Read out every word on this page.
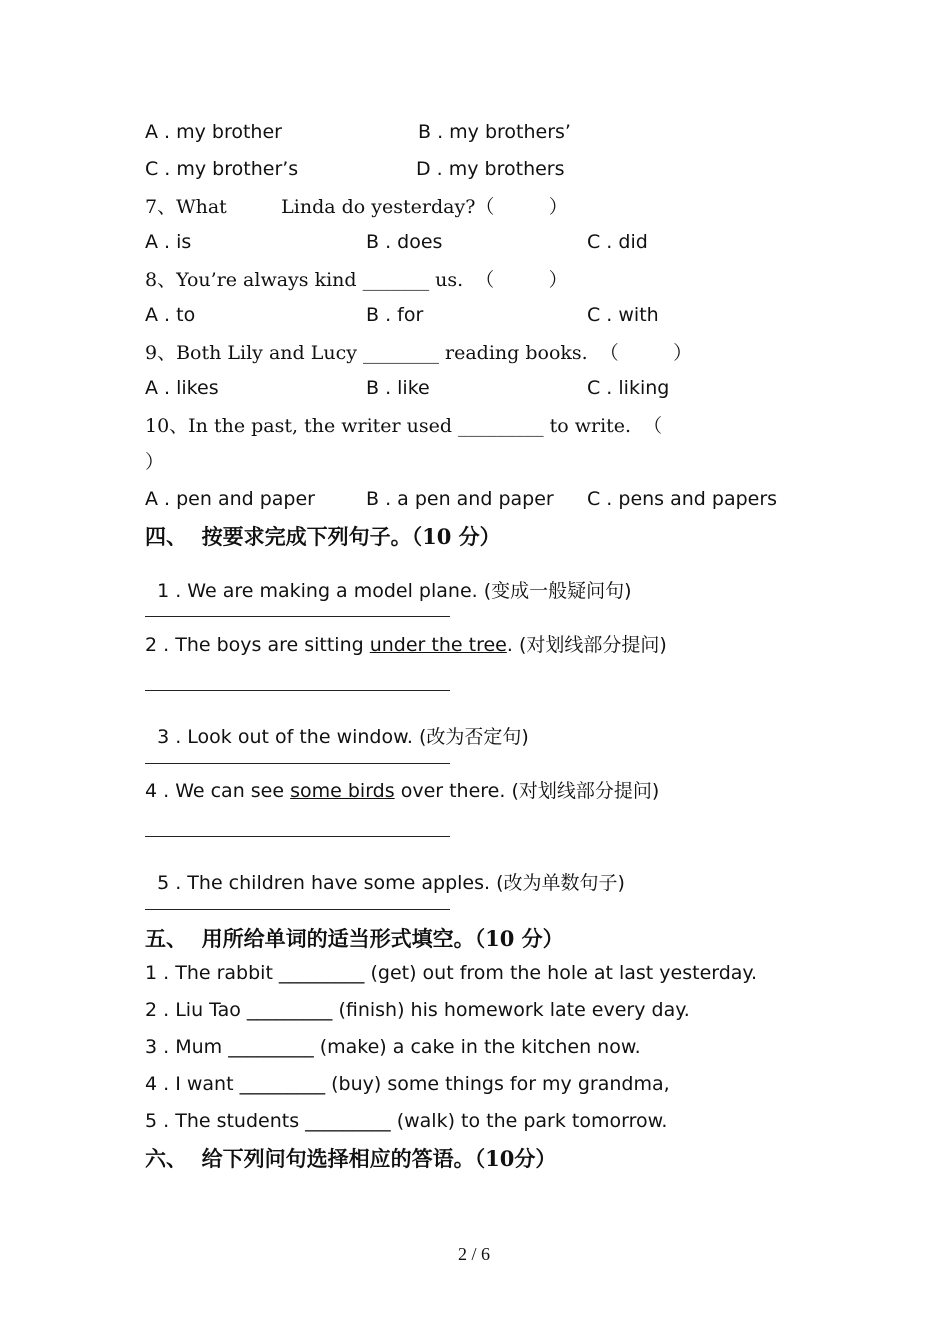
A . my brother	B . my brothers’
C . my brother’s	D . my brothers
7、What         Linda do yesterday?（         ）
A . is	B . does	C . did
8、You’re always kind _______ us.  （         ）
A . to	B . for	C . with
9、Both Lily and Lucy ________ reading books.  （         ）
A . likes	B . like	C . liking
10、In the past, the writer used _________ to write.  （
）
A . pen and paper	B . a pen and paper C . pens and papers
四、  按要求完成下列句子。（10 分）

1 . We are making a model plane. (变成一般疑问句)

2 . The boys are sitting under the tree. (对划线部分提问)

3 . Look out of the window. (改为否定句)

4 . We can see some birds over there. (对划线部分提问)

5 . The children have some apples. (改为单数句子)

五、  用所给单词的适当形式填空。（10 分）
1 . The rabbit _________ (get) out from the hole at last yesterday.
2 . Liu Tao _________ (finish) his homework late every day.
3 . Mum _________ (make) a cake in the kitchen now.
4 . I want _________ (buy) some things for my grandma,
5 . The students _________ (walk) to the park tomorrow.
六、  给下列问句选择相应的答语。（10分）
2 / 6
